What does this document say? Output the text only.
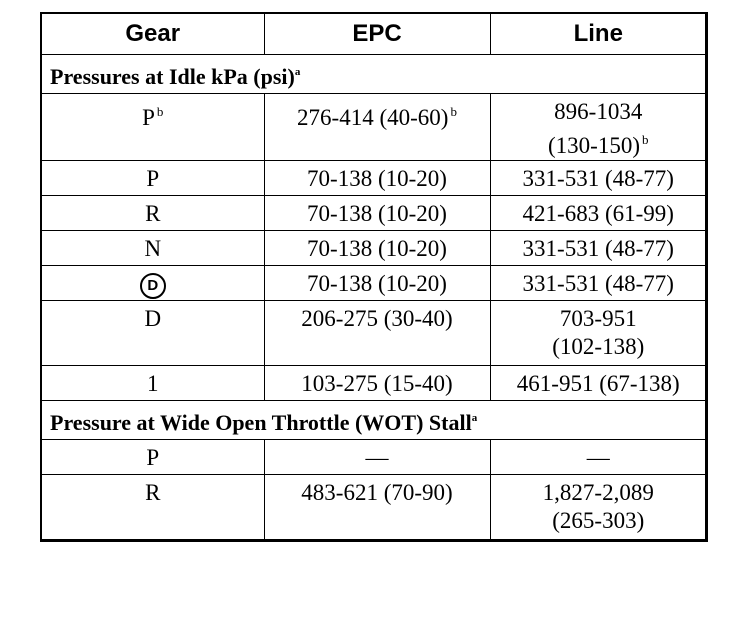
Gear	EPC	Line
Pressures at Idle kPa (psi)$^a$
P $^b$	276-414 (40-60) $^b$	896-1034
(130-150) $^b$

P	70-138 (10-20)	331-531 (48-77)
R	70-138 (10-20)	421-683 (61-99)
N	70-138 (10-20)	331-531 (48-77)
D	70-138 (10-20)	331-531 (48-77)
D	206-275 (30-40)	703-951
(102-138)

1	103-275 (15-40)	461-951 (67-138)
Pressure at Wide Open Throttle (WOT) Stall$^a$
P	—	—
R	483-621 (70-90)	1,827-2,089
(265-303)
